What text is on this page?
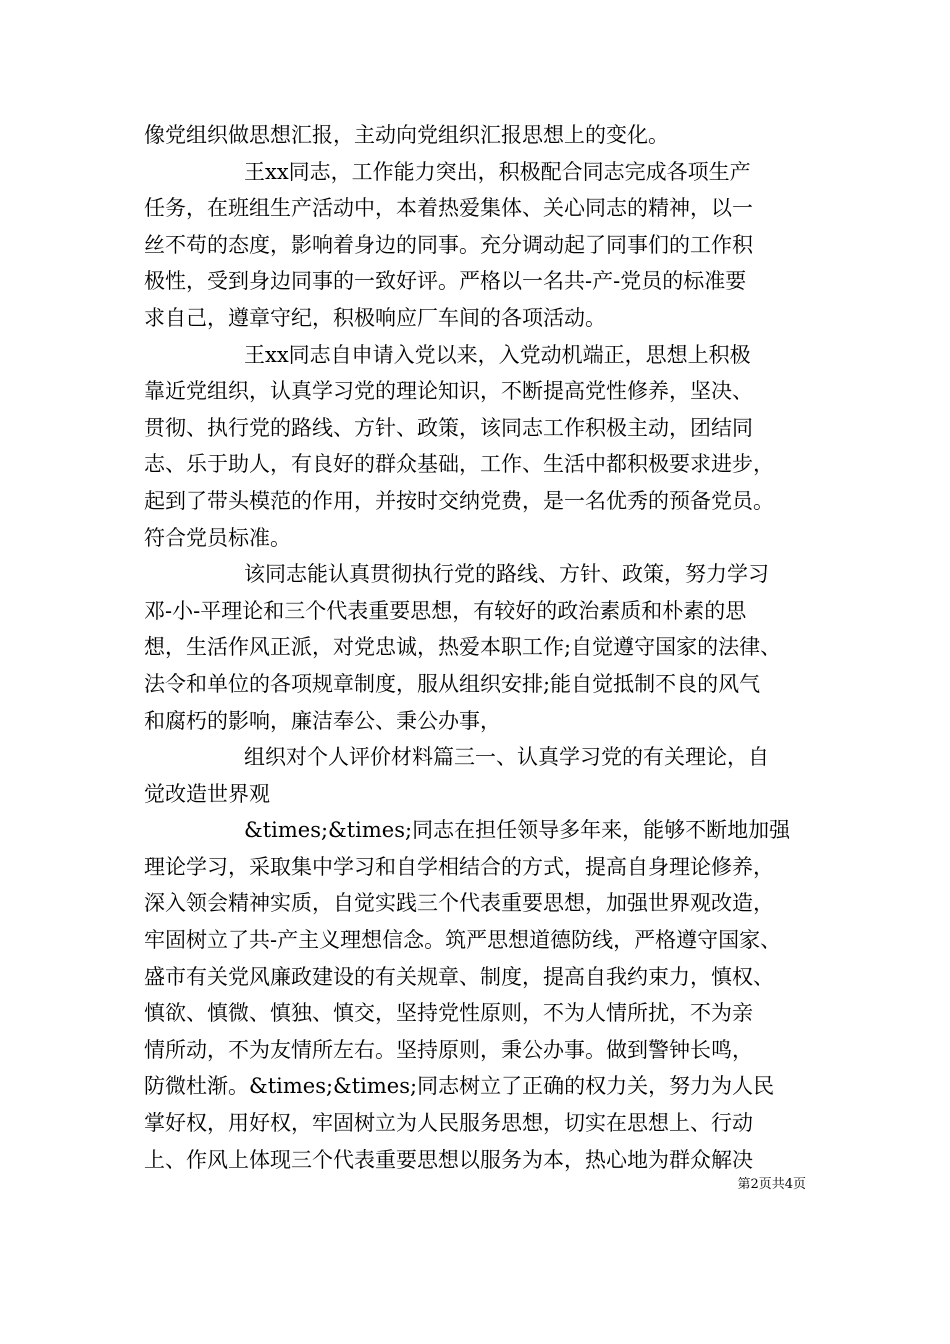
像党组织做思想汇报，主动向党组织汇报思想上的变化。
王xx同志，工作能力突出，积极配合同志完成各项生产
任务，在班组生产活动中，本着热爱集体、关心同志的精神，以一
丝不苟的态度，影响着身边的同事。充分调动起了同事们的工作积
极性，受到身边同事的一致好评。严格以一名共-产-党员的标准要
求自己，遵章守纪，积极响应厂车间的各项活动。
王xx同志自申请入党以来，入党动机端正，思想上积极
靠近党组织，认真学习党的理论知识，不断提高党性修养，坚决、
贯彻、执行党的路线、方针、政策，该同志工作积极主动，团结同
志、乐于助人，有良好的群众基础，工作、生活中都积极要求进步，
起到了带头模范的作用，并按时交纳党费，是一名优秀的预备党员。
符合党员标准。
该同志能认真贯彻执行党的路线、方针、政策，努力学习
邓-小-平理论和三个代表重要思想，有较好的政治素质和朴素的思
想，生活作风正派，对党忠诚，热爱本职工作;自觉遵守国家的法律、
法令和单位的各项规章制度，服从组织安排;能自觉抵制不良的风气
和腐朽的影响，廉洁奉公、秉公办事，
组织对个人评价材料篇三一、认真学习党的有关理论，自
觉改造世界观
&times;&times;同志在担任领导多年来，能够不断地加强
理论学习，采取集中学习和自学相结合的方式，提高自身理论修养，
深入领会精神实质，自觉实践三个代表重要思想，加强世界观改造，
牢固树立了共-产主义理想信念。筑严思想道德防线，严格遵守国家、
盛市有关党风廉政建设的有关规章、制度，提高自我约束力，慎权、
慎欲、慎微、慎独、慎交，坚持党性原则，不为人情所扰，不为亲
情所动，不为友情所左右。坚持原则，秉公办事。做到警钟长鸣，
防微杜渐。&times;&times;同志树立了正确的权力关，努力为人民
掌好权，用好权，牢固树立为人民服务思想，切实在思想上、行动
上、作风上体现三个代表重要思想以服务为本，热心地为群众解决
第2页共4页
